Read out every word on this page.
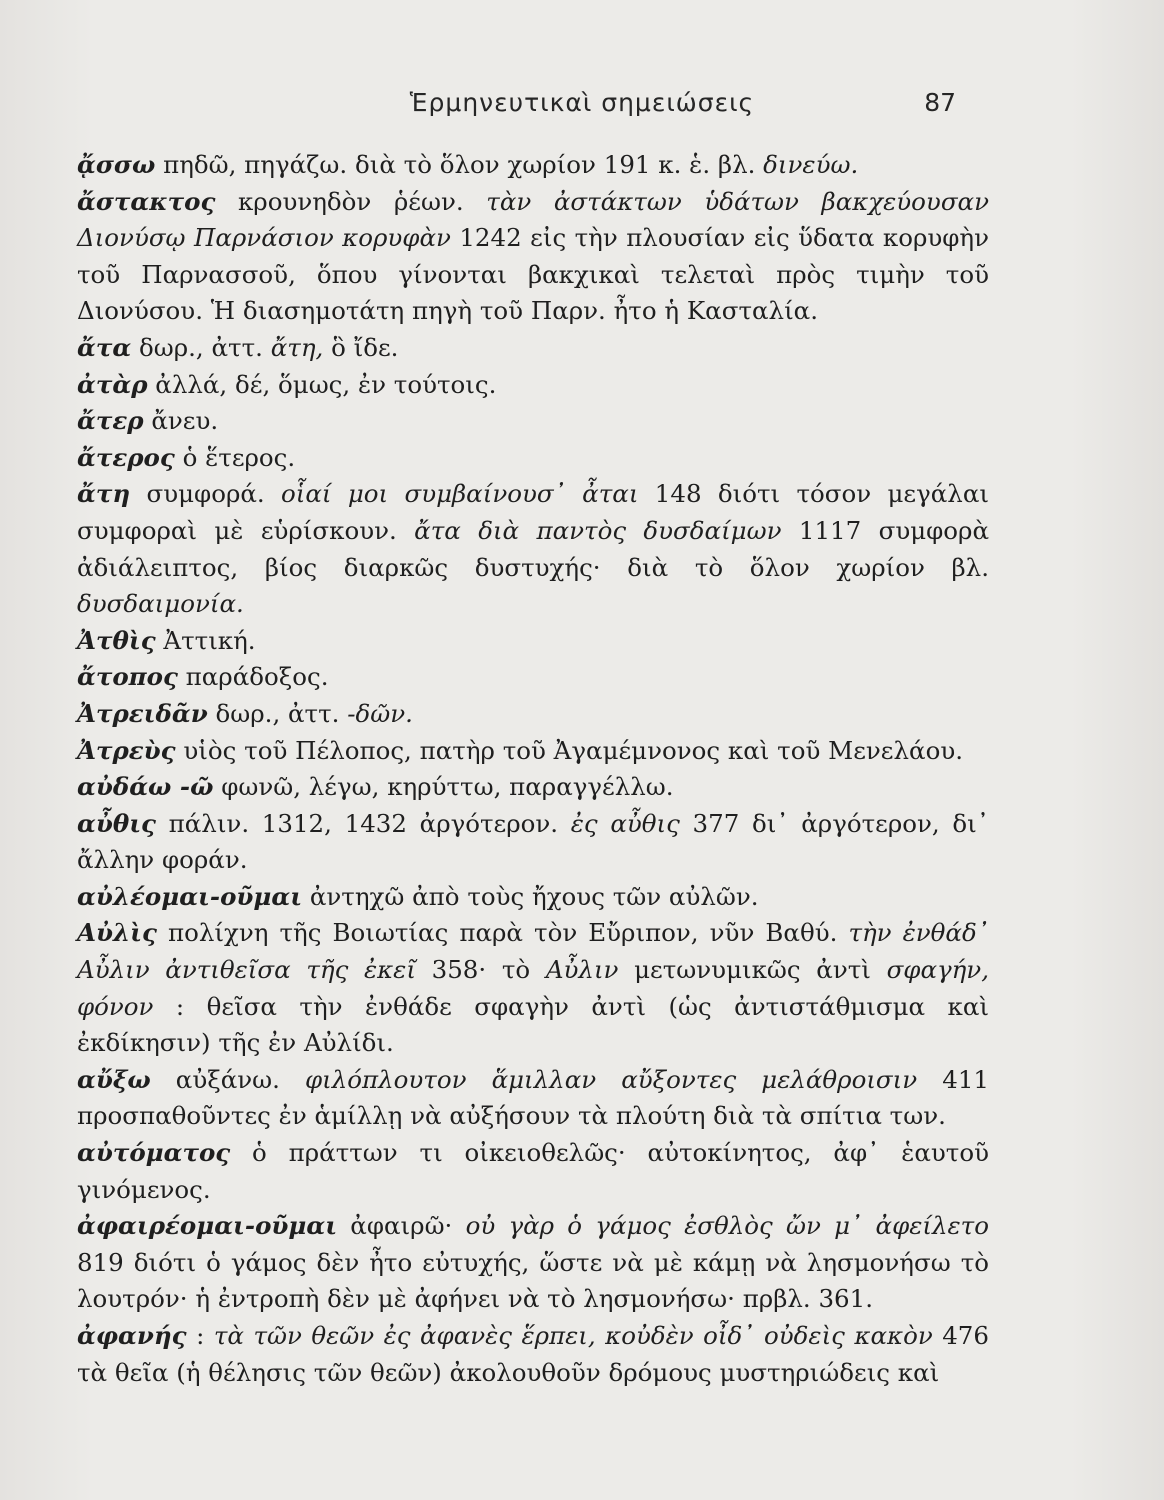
Ἑρμηνευτικαὶ σημειώσεις	87

ᾄσσω πηδῶ, πηγάζω. διὰ τὸ ὅλον χωρίον 191 κ. ἑ. βλ. δινεύω.

ἄστακτος κρουνηδὸν ῥέων. τὰν ἀστάκτων ὑδάτων βακχεύουσαν Διονύσῳ Παρνάσιον κορυφὰν 1242 εἰς τὴν πλουσίαν εἰς ὕδατα κορυφὴν τοῦ Παρνασσοῦ, ὅπου γίνονται βακχικαὶ τελεταὶ πρὸς τιμὴν τοῦ Διονύσου. Ἡ διασημοτάτη πηγὴ τοῦ Παρν. ἦτο ἡ Κασταλία.

ἄτα δωρ., ἀττ. ἄτη, ὃ ἴδε.

ἀτὰρ ἀλλά, δέ, ὅμως, ἐν τούτοις.

ἄτερ ἄνευ.

ἄτερος ὁ ἕτερος.

ἄτη συμφορά. οἷαί μοι συμβαίνουσ᾽ ἆται 148 διότι τόσον μεγάλαι συμφοραὶ μὲ εὑρίσκουν. ἄτα διὰ παντὸς δυσδαίμων 1117 συμφορὰ ἀδιάλειπτος, βίος διαρκῶς δυστυχής· διὰ τὸ ὅλον χωρίον βλ. δυσδαιμονία.

Ἀτθὶς Ἀττική.

ἄτοπος παράδοξος.

Ἀτρειδᾶν δωρ., ἀττ. -δῶν.

Ἀτρεὺς υἱὸς τοῦ Πέλοπος, πατὴρ τοῦ Ἀγαμέμνονος καὶ τοῦ Μενελάου.

αὐδάω -ῶ φωνῶ, λέγω, κηρύττω, παραγγέλλω.

αὖθις πάλιν. 1312, 1432 ἀργότερον. ἐς αὖθις 377 δι᾽ ἀργότερον, δι᾽ ἄλλην φοράν.

αὐλέομαι-οῦμαι ἀντηχῶ ἀπὸ τοὺς ἤχους τῶν αὐλῶν.

Αὐλὶς πολίχνη τῆς Βοιωτίας παρὰ τὸν Εὔριπον, νῦν Βαθύ. τὴν ἐνθάδ᾽ Αὖλιν ἀντιθεῖσα τῆς ἐκεῖ 358· τὸ Αὖλιν μετωνυμικῶς ἀντὶ σφαγήν, φόνον : θεῖσα τὴν ἐνθάδε σφαγὴν ἀντὶ (ὡς ἀντιστάθμισμα καὶ ἐκδίκησιν) τῆς ἐν Αὐλίδι.

αὔξω αὐξάνω. φιλόπλουτον ἅμιλλαν αὔξοντες μελάθροισιν 411 προσπαθοῦντες ἐν ἁμίλλῃ νὰ αὐξήσουν τὰ πλούτη διὰ τὰ σπίτια των.

αὐτόματος ὁ πράττων τι οἰκειοθελῶς· αὐτοκίνητος, ἀφ᾽ ἑαυτοῦ γινόμενος.

ἀφαιρέομαι-οῦμαι ἀφαιρῶ· οὐ γὰρ ὁ γάμος ἐσθλὸς ὤν μ᾽ ἀφείλετο 819 διότι ὁ γάμος δὲν ἦτο εὐτυχής, ὥστε νὰ μὲ κάμῃ νὰ λησμονήσω τὸ λουτρόν· ἡ ἐντροπὴ δὲν μὲ ἀφήνει νὰ τὸ λησμονήσω· πρβλ. 361.

ἀφανής : τὰ τῶν θεῶν ἐς ἀφανὲς ἕρπει, κοὐδὲν οἶδ᾽ οὐδεὶς κακὸν 476 τὰ θεῖα (ἡ θέλησις τῶν θεῶν) ἀκολουθοῦν δρόμους μυστηριώδεις καὶ
